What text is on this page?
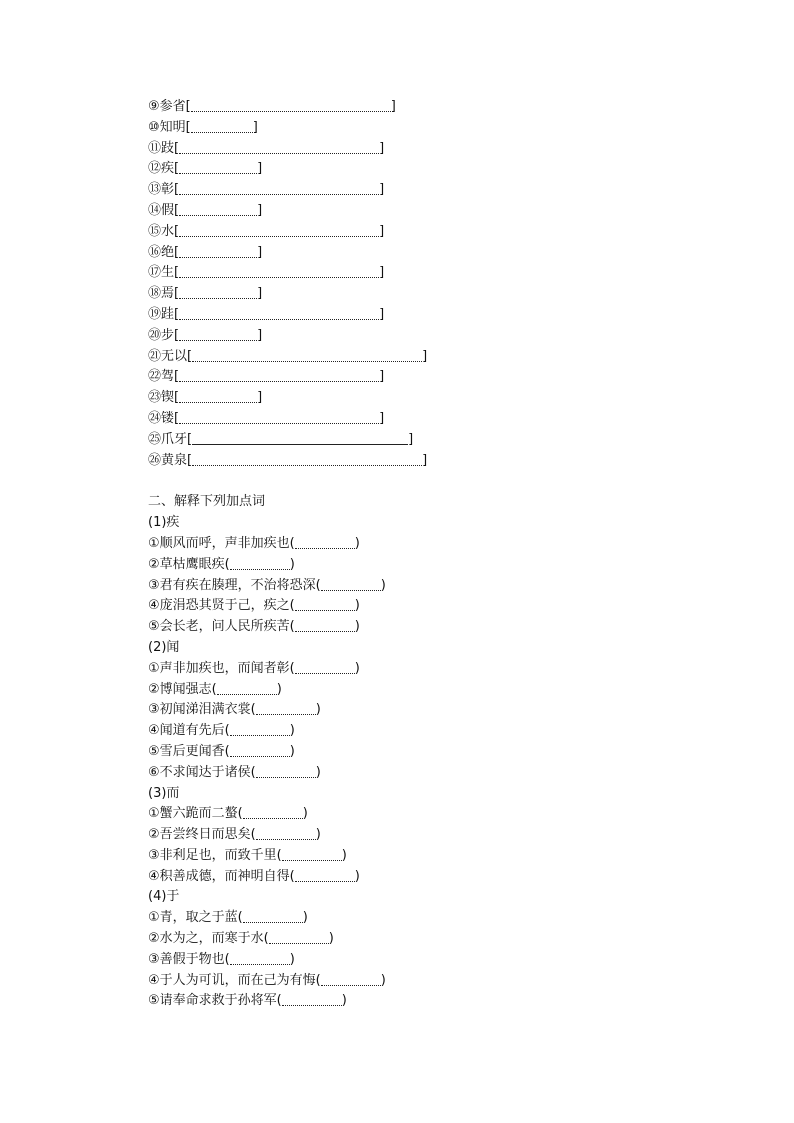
⑨参省[	]
⑩知明[	]
⑪跂[	]
⑫疾[	]
⑬彰[	]
⑭假[	]
⑮水[	]
⑯绝[	]
⑰生[	]
⑱焉[	]
⑲跬[	]
⑳步[	]
㉑无以[	]
㉒驾[	]
㉓锲[	]
㉔镂[	]
㉕爪牙[	]
㉖黄泉[	]
二、解释下列加点词
(1)疾
①顺风而呼，声非加疾也(	)
②草枯鹰眼疾(	)
③君有疾在腠理，不治将恐深(	)
④庞涓恐其贤于己，疾之(	)
⑤会长老，问人民所疾苦(	)
(2)闻
①声非加疾也，而闻者彰(	)
②博闻强志(	)
③初闻涕泪满衣裳(	)
④闻道有先后(	)
⑤雪后更闻香(	)
⑥不求闻达于诸侯(	)
(3)而
①蟹六跪而二螯(	)
②吾尝终日而思矣(	)
③非利足也，而致千里(	)
④积善成德，而神明自得(	)
(4)于
①青，取之于蓝(	)
②水为之，而寒于水(	)
③善假于物也(	)
④于人为可讥，而在己为有悔(	)
⑤请奉命求救于孙将军(	)
